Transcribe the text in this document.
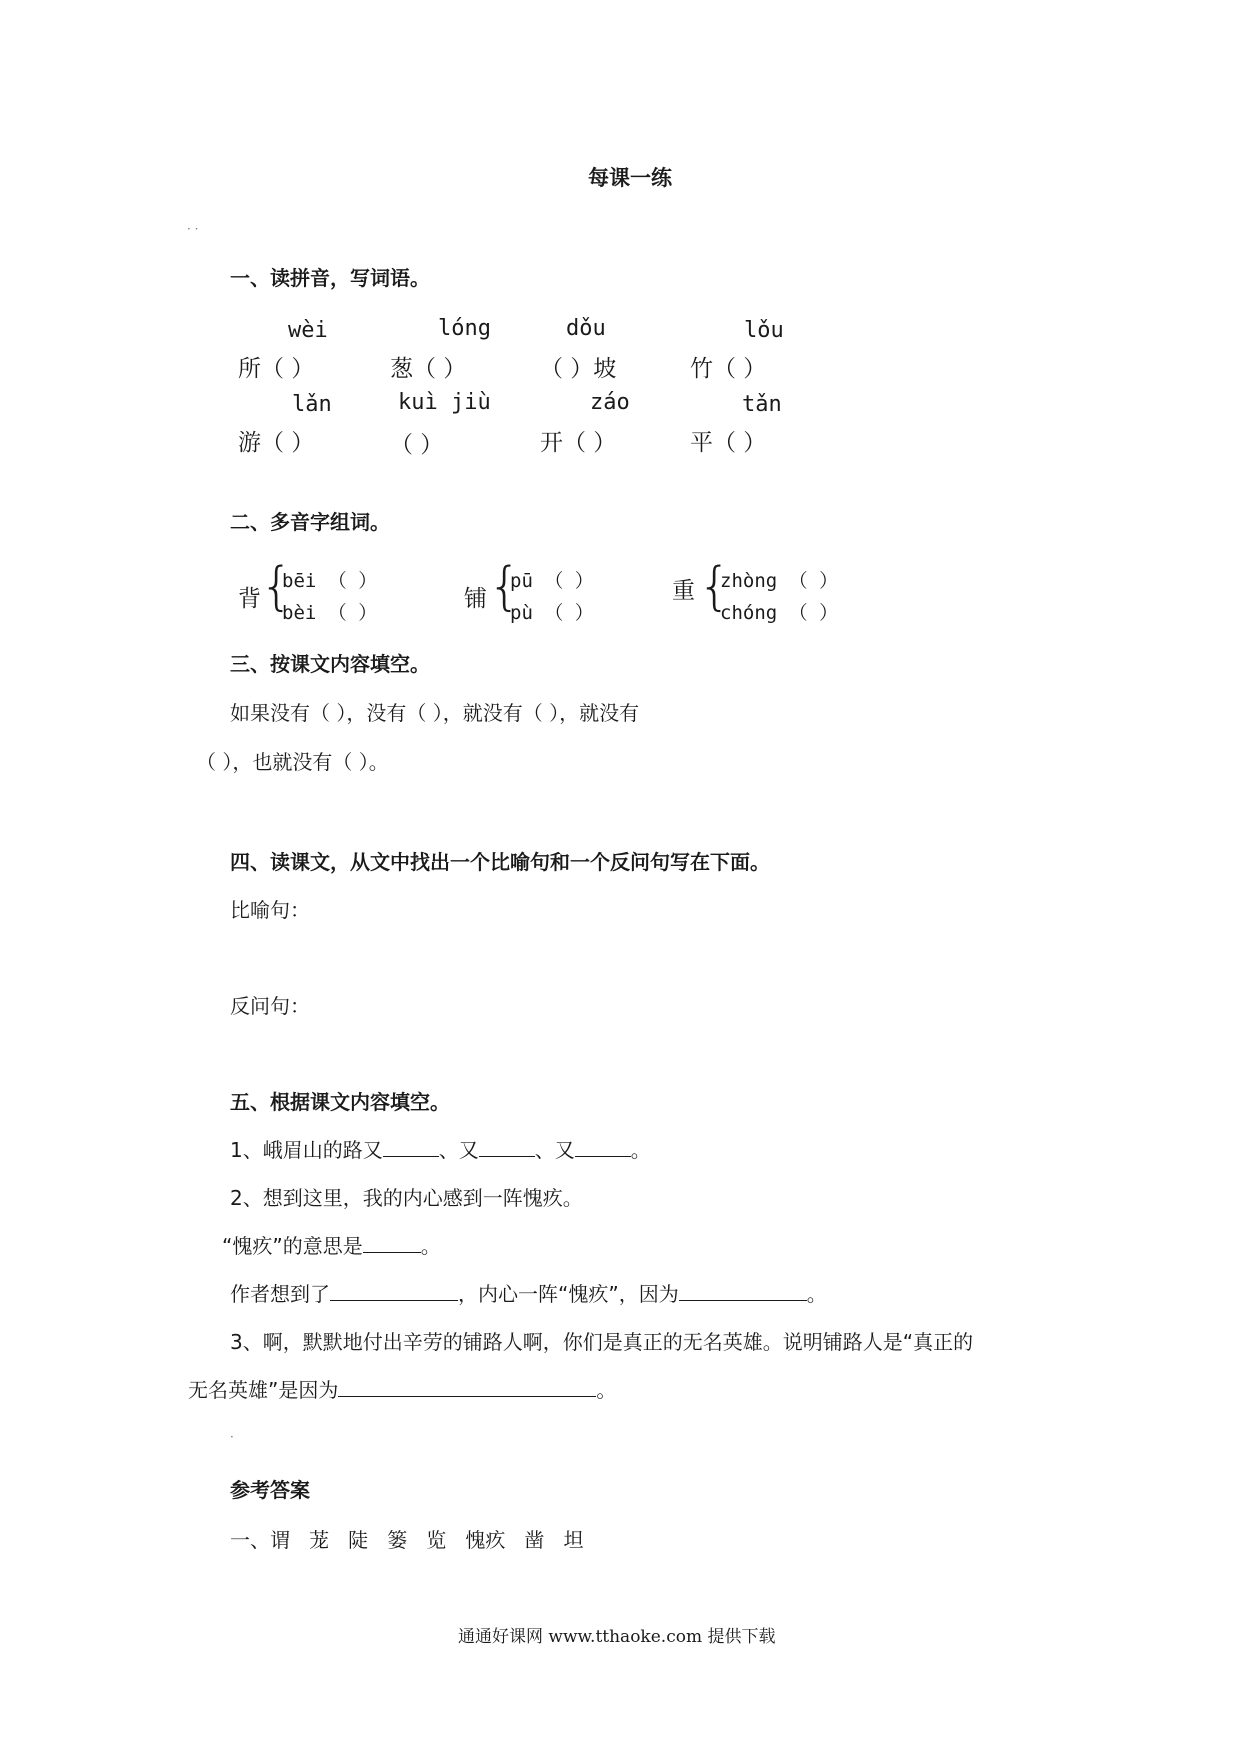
每课一练
· ·
一、读拼音，写词语。
wèi	lóng	dǒu	lǒu
所（ ）	葱（ ）	（ ）坡	竹（ ）
lǎn	kuì jiù	záo	tǎn
游（ ）	（ ）	开（ ）	平（ ）
二、多音字组词。
背 {
bēi （ ）
bèi （ ）
铺 {
pū （ ）
pù （ ）
重 {
zhòng （ ）
chóng （ ）
三、按课文内容填空。
如果没有（ ），没有（ ），就没有（ ），就没有
（ ），也就没有（ ）。
四、读课文，从文中找出一个比喻句和一个反问句写在下面。
比喻句：
反问句：
五、根据课文内容填空。
1、峨眉山的路又	、又	、又	。
2、想到这里，我的内心感到一阵愧疚。
“愧疚”的意思是	。
作者想到了	，内心一阵“愧疚”，因为	。
3、啊，默默地付出辛劳的铺路人啊，你们是真正的无名英雄。说明铺路人是“真正的
无名英雄”是因为	。
·
参考答案
一、谓   茏   陡   篓   览   愧疚   凿   坦
通通好课网 www.tthaoke.com 提供下载
